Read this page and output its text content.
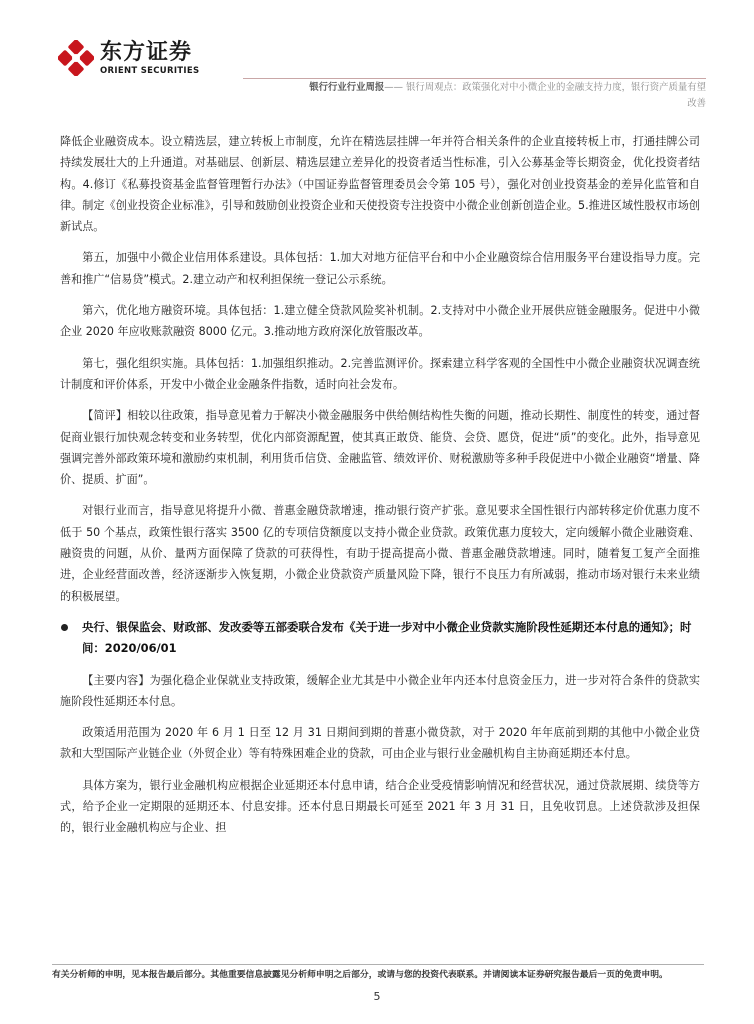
东方证券
ORIENT SECURITIES
银行行业行业周报—— 银行周观点：政策强化对中小微企业的金融支持力度，银行资产质量有望
改善

降低企业融资成本。设立精选层，建立转板上市制度，允许在精选层挂牌一年并符合相关条件的企业直接转板上市，打通挂牌公司持续发展壮大的上升通道。对基础层、创新层、精选层建立差异化的投资者适当性标准，引入公募基金等长期资金，优化投资者结构。4.修订《私募投资基金监督管理暂行办法》（中国证券监督管理委员会令第 105 号），强化对创业投资基金的差异化监管和自律。制定《创业投资企业标准》，引导和鼓励创业投资企业和天使投资专注投资中小微企业创新创造企业。5.推进区域性股权市场创新试点。

第五，加强中小微企业信用体系建设。具体包括：1.加大对地方征信平台和中小企业融资综合信用服务平台建设指导力度。完善和推广“信易贷”模式。2.建立动产和权利担保统一登记公示系统。

第六，优化地方融资环境。具体包括：1.建立健全贷款风险奖补机制。2.支持对中小微企业开展供应链金融服务。促进中小微企业 2020 年应收账款融资 8000 亿元。3.推动地方政府深化放管服改革。

第七，强化组织实施。具体包括：1.加强组织推动。2.完善监测评价。探索建立科学客观的全国性中小微企业融资状况调查统计制度和评价体系，开发中小微企业金融条件指数，适时向社会发布。

【简评】相较以往政策，指导意见着力于解决小微金融服务中供给侧结构性失衡的问题，推动长期性、制度性的转变，通过督促商业银行加快观念转变和业务转型，优化内部资源配置，使其真正敢贷、能贷、会贷、愿贷，促进“质”的变化。此外，指导意见强调完善外部政策环境和激励约束机制，利用货币信贷、金融监管、绩效评价、财税激励等多种手段促进中小微企业融资“增量、降价、提质、扩面”。

对银行业而言，指导意见将提升小微、普惠金融贷款增速，推动银行资产扩张。意见要求全国性银行内部转移定价优惠力度不低于 50 个基点，政策性银行落实 3500 亿的专项信贷额度以支持小微企业贷款。政策优惠力度较大，定向缓解小微企业融资难、融资贵的问题，从价、量两方面保障了贷款的可获得性，有助于提高提高小微、普惠金融贷款增速。同时，随着复工复产全面推进，企业经营面改善，经济逐渐步入恢复期，小微企业贷款资产质量风险下降，银行不良压力有所减弱，推动市场对银行未来业绩的积极展望。

央行、银保监会、财政部、发改委等五部委联合发布《关于进一步对中小微企业贷款实施阶段性延期还本付息的通知》；时间：2020/06/01

【主要内容】为强化稳企业保就业支持政策，缓解企业尤其是中小微企业年内还本付息资金压力，进一步对符合条件的贷款实施阶段性延期还本付息。

政策适用范围为 2020 年 6 月 1 日至 12 月 31 日期间到期的普惠小微贷款，对于 2020 年年底前到期的其他中小微企业贷款和大型国际产业链企业（外贸企业）等有特殊困难企业的贷款，可由企业与银行业金融机构自主协商延期还本付息。

具体方案为，银行业金融机构应根据企业延期还本付息申请，结合企业受疫情影响情况和经营状况，通过贷款展期、续贷等方式，给予企业一定期限的延期还本、付息安排。还本付息日期最长可延至 2021 年 3 月 31 日，且免收罚息。上述贷款涉及担保的，银行业金融机构应与企业、担

有关分析师的申明，见本报告最后部分。其他重要信息披露见分析师申明之后部分，或请与您的投资代表联系。并请阅读本证券研究报告最后一页的免责申明。
5
